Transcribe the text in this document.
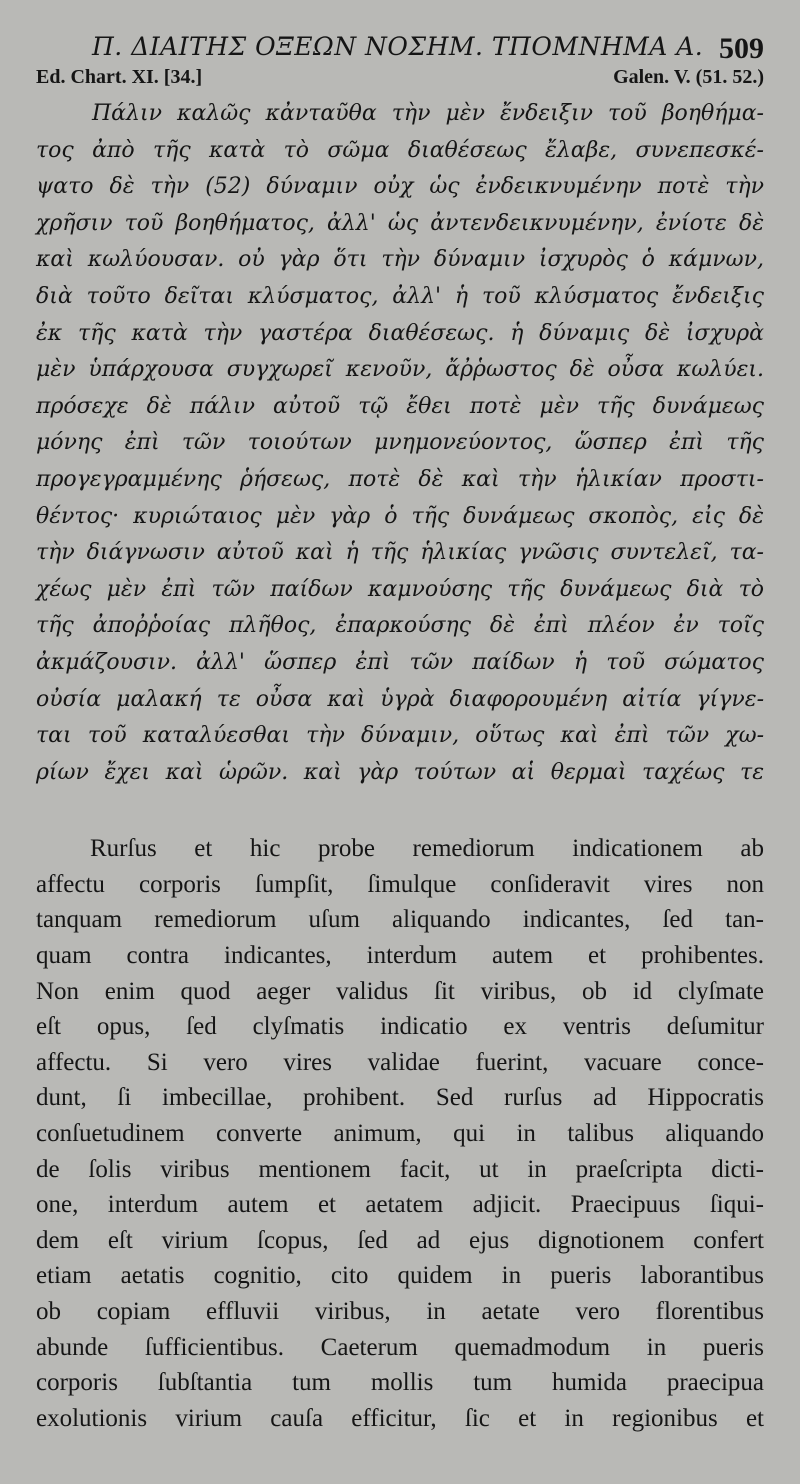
Π. ΔΙΑΙΤΗΣ ΟΞΕΩΝ ΝΟΣΗΜ. ΤΠΟΜΝΗΜΑ Α. 509
Ed. Chart. XI. [34.]	Galen. V. (51. 52.)
Πάλιν καλῶς κἀνταῦθα τὴν μὲν ἔνδειξιν τοῦ βοηθήμα-
τος ἀπὸ τῆς κατὰ τὸ σῶμα διαθέσεως ἔλαβε, συνεπεσκέ-
ψατο δὲ τὴν (52) δύναμιν οὐχ ὡς ἐνδεικνυμένην ποτὲ τὴν
χρῆσιν τοῦ βοηθήματος, ἀλλ' ὡς ἀντενδεικνυμένην, ἐνίοτε δὲ
καὶ κωλύουσαν. οὐ γὰρ ὅτι τὴν δύναμιν ἰσχυρὸς ὁ κάμνων,
διὰ τοῦτο δεῖται κλύσματος, ἀλλ' ἡ τοῦ κλύσματος ἔνδειξις
ἐκ τῆς κατὰ τὴν γαστέρα διαθέσεως. ἡ δύναμις δὲ ἰσχυρὰ
μὲν ὑπάρχουσα συγχωρεῖ κενοῦν, ἄῤῥωστος δὲ οὖσα κωλύει.
πρόσεχε δὲ πάλιν αὐτοῦ τῷ ἔθει ποτὲ μὲν τῆς δυνάμεως
μόνης ἐπὶ τῶν τοιούτων μνημονεύοντος, ὥσπερ ἐπὶ τῆς
προγεγραμμένης ῥήσεως, ποτὲ δὲ καὶ τὴν ἡλικίαν προστι-
θέντος· κυριώταιος μὲν γὰρ ὁ τῆς δυνάμεως σκοπὸς, εἰς δὲ
τὴν διάγνωσιν αὐτοῦ καὶ ἡ τῆς ἡλικίας γνῶσις συντελεῖ, τα-
χέως μὲν ἐπὶ τῶν παίδων καμνούσης τῆς δυνάμεως διὰ τὸ
τῆς ἀποῤῥοίας πλῆθος, ἐπαρκούσης δὲ ἐπὶ πλέον ἐν τοῖς
ἀκμάζουσιν. ἀλλ' ὥσπερ ἐπὶ τῶν παίδων ἡ τοῦ σώματος
οὐσία μαλακή τε οὖσα καὶ ὑγρὰ διαφορουμένη αἰτία γίγνε-
ται τοῦ καταλύεσθαι τὴν δύναμιν, οὕτως καὶ ἐπὶ τῶν χω-
ρίων ἔχει καὶ ὡρῶν. καὶ γὰρ τούτων αἱ θερμαὶ ταχέως τε
Rurſus et hic probe remediorum indicationem ab
affectu corporis ſumpſit, ſimulque conſideravit vires non
tanquam remediorum uſum aliquando indicantes, ſed tan-
quam contra indicantes, interdum autem et prohibentes.
Non enim quod aeger validus ſit viribus, ob id clyſmate
eſt opus, ſed clyſmatis indicatio ex ventris deſumitur
affectu. Si vero vires validae fuerint, vacuare conce-
dunt, ſi imbecillae, prohibent. Sed rurſus ad Hippocratis
conſuetudinem converte animum, qui in talibus aliquando
de ſolis viribus mentionem facit, ut in praeſcripta dicti-
one, interdum autem et aetatem adjicit. Praecipuus ſiqui-
dem eſt virium ſcopus, ſed ad ejus dignotionem confert
etiam aetatis cognitio, cito quidem in pueris laborantibus
ob copiam effluvii viribus, in aetate vero florentibus
abunde ſufficientibus. Caeterum quemadmodum in pueris
corporis ſubſtantia tum mollis tum humida praecipua
exolutionis virium cauſa efficitur, ſic et in regionibus et
